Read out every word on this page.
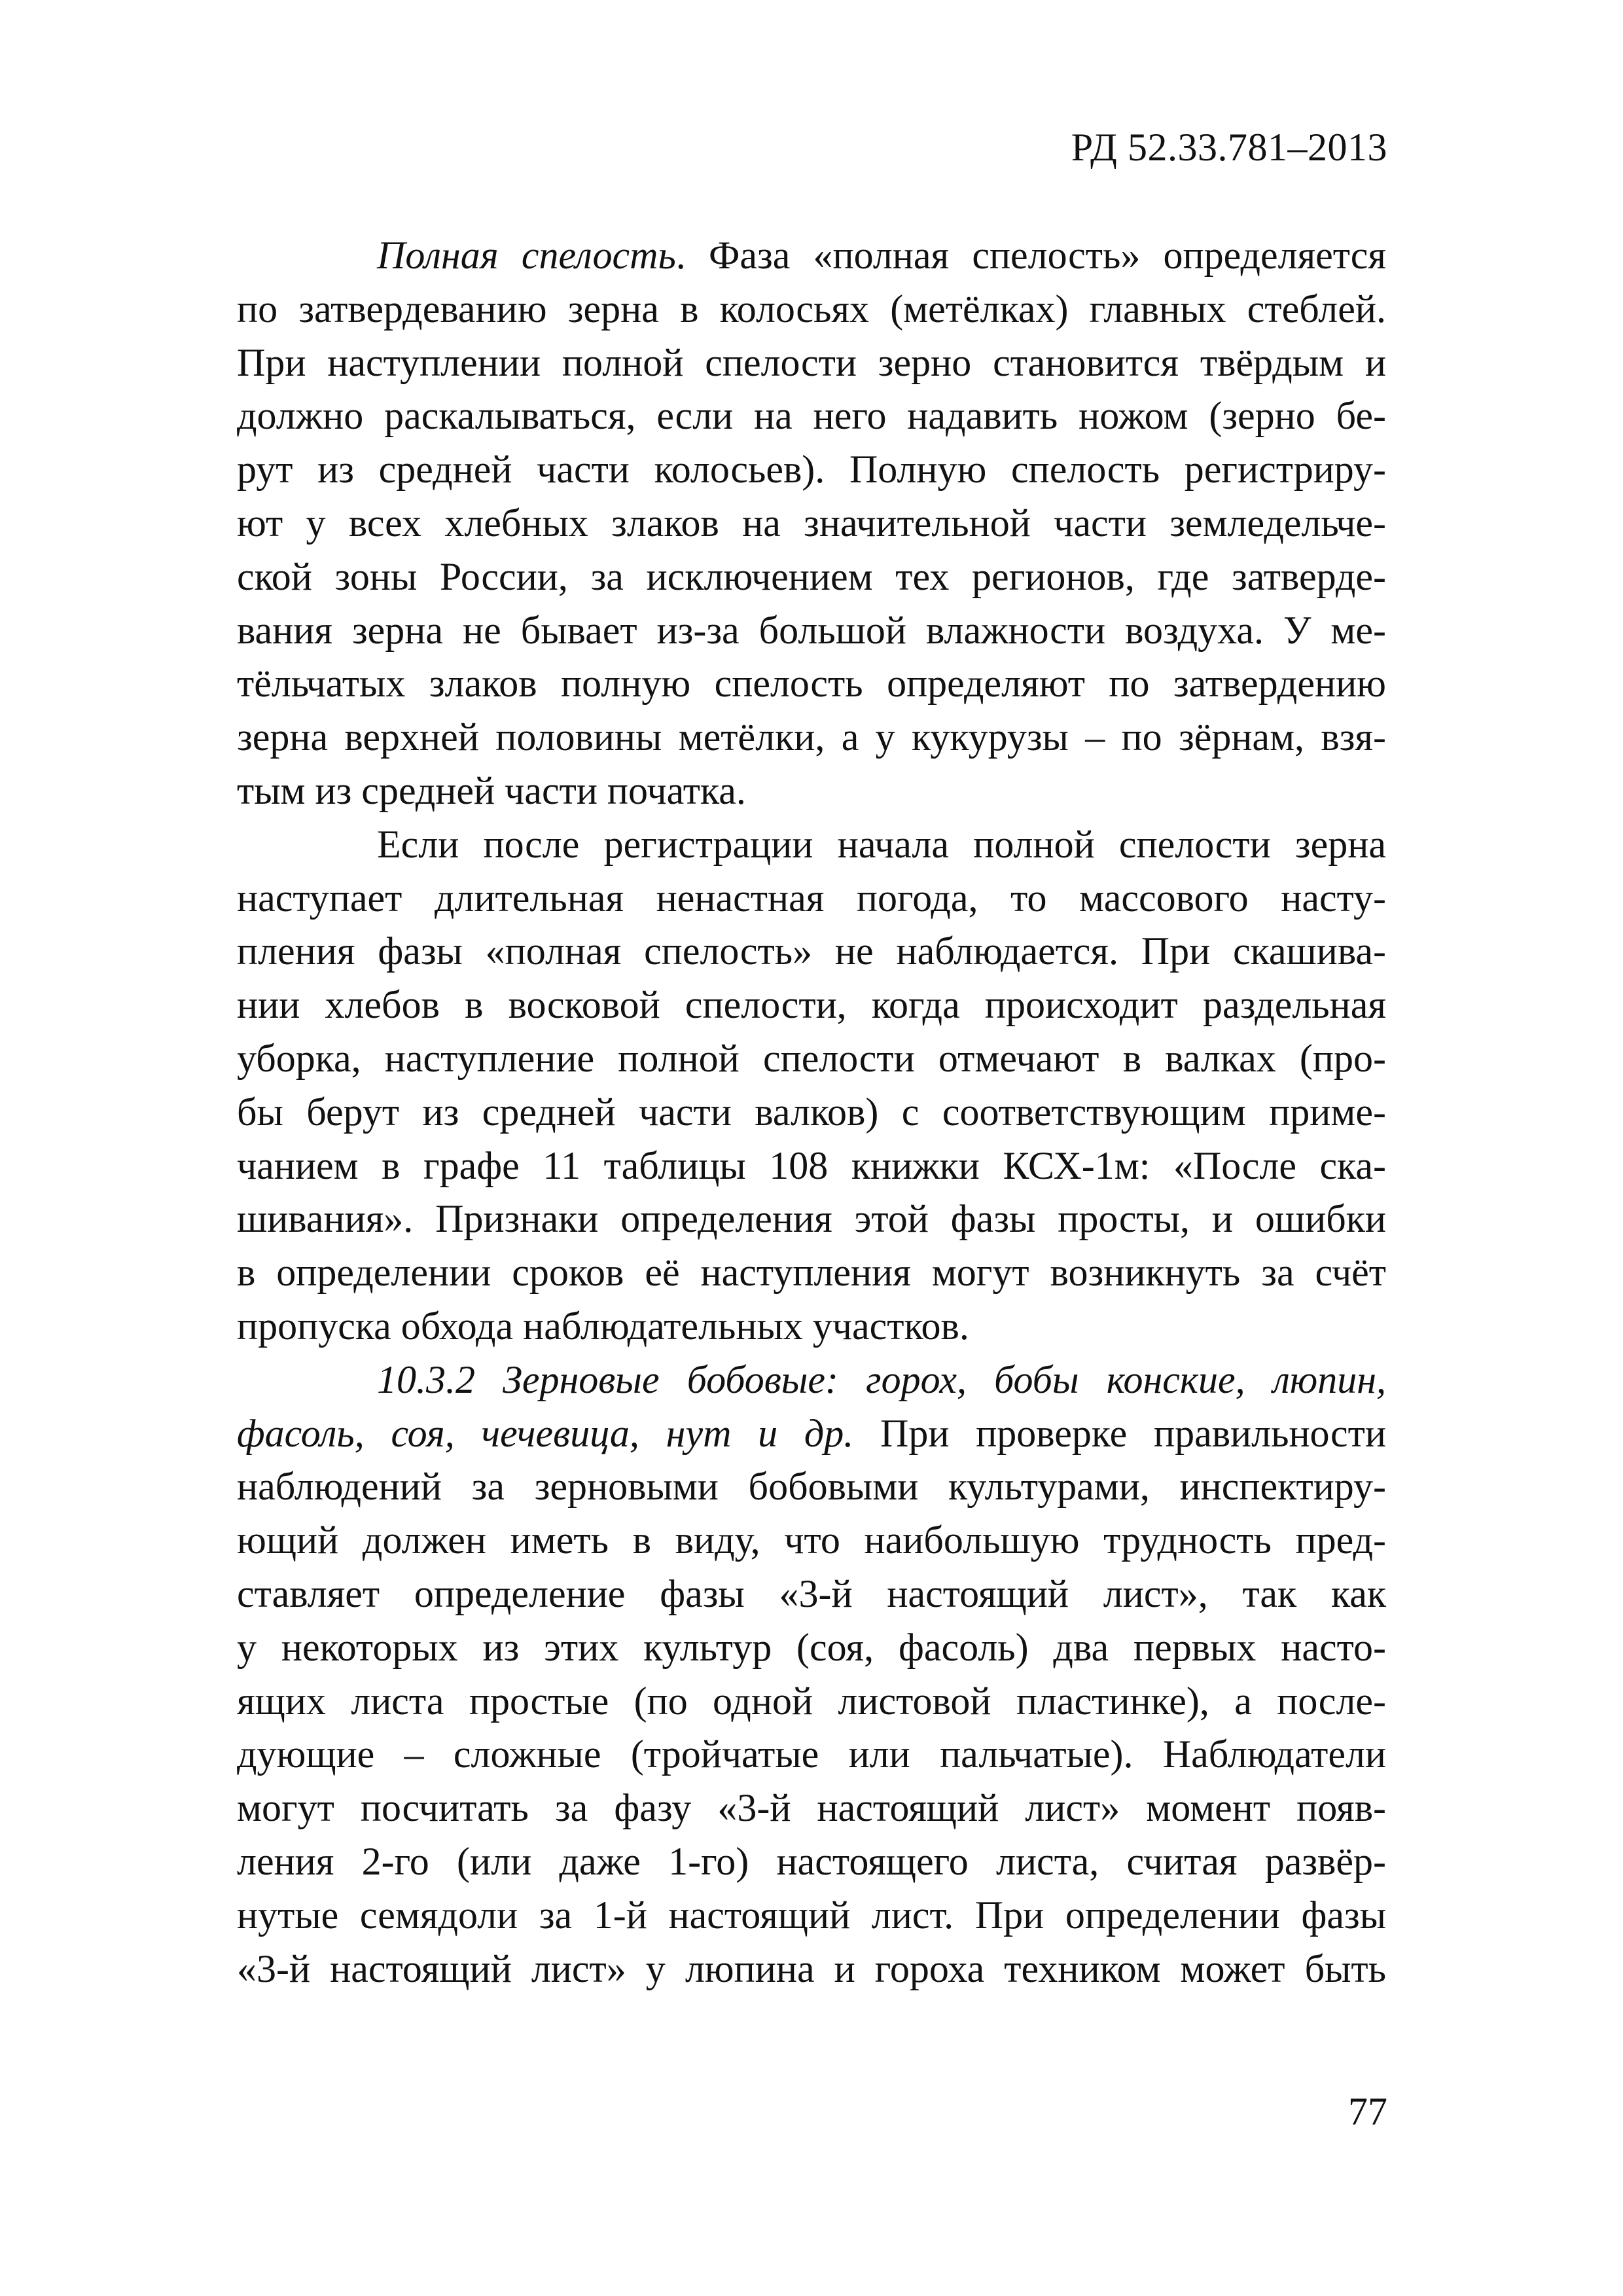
РД 52.33.781–2013
Полная спелость. Фаза «полная спелость» определяется
по затвердеванию зерна в колосьях (метёлках) главных стеблей.
При наступлении полной спелости зерно становится твёрдым и
должно раскалываться, если на него надавить ножом (зерно бе-
рут из средней части колосьев). Полную спелость регистриру-
ют у всех хлебных злаков на значительной части земледельче-
ской зоны России, за исключением тех регионов, где затверде-
вания зерна не бывает из-за большой влажности воздуха. У ме-
тёльчатых злаков полную спелость определяют по затвердению
зерна верхней половины метёлки, а у кукурузы – по зёрнам, взя-
тым из средней части початка.
Если после регистрации начала полной спелости зерна
наступает длительная ненастная погода, то массового насту-
пления фазы «полная спелость» не наблюдается. При скашива-
нии хлебов в восковой спелости, когда происходит раздельная
уборка, наступление полной спелости отмечают в валках (про-
бы берут из средней части валков) с соответствующим приме-
чанием в графе 11 таблицы 108 книжки КСХ-1м: «После ска-
шивания». Признаки определения этой фазы просты, и ошибки
в определении сроков её наступления могут возникнуть за счёт
пропуска обхода наблюдательных участков.
10.3.2 Зерновые бобовые: горох, бобы конские, люпин,
фасоль, соя, чечевица, нут и др. При проверке правильности
наблюдений за зерновыми бобовыми культурами, инспектиру-
ющий должен иметь в виду, что наибольшую трудность пред-
ставляет определение фазы «3-й настоящий лист», так как
у некоторых из этих культур (соя, фасоль) два первых насто-
ящих листа простые (по одной листовой пластинке), а после-
дующие – сложные (тройчатые или пальчатые). Наблюдатели
могут посчитать за фазу «3-й настоящий лист» момент появ-
ления 2-го (или даже 1-го) настоящего листа, считая развёр-
нутые семядоли за 1-й настоящий лист. При определении фазы
«3-й настоящий лист» у люпина и гороха техником может быть
77
